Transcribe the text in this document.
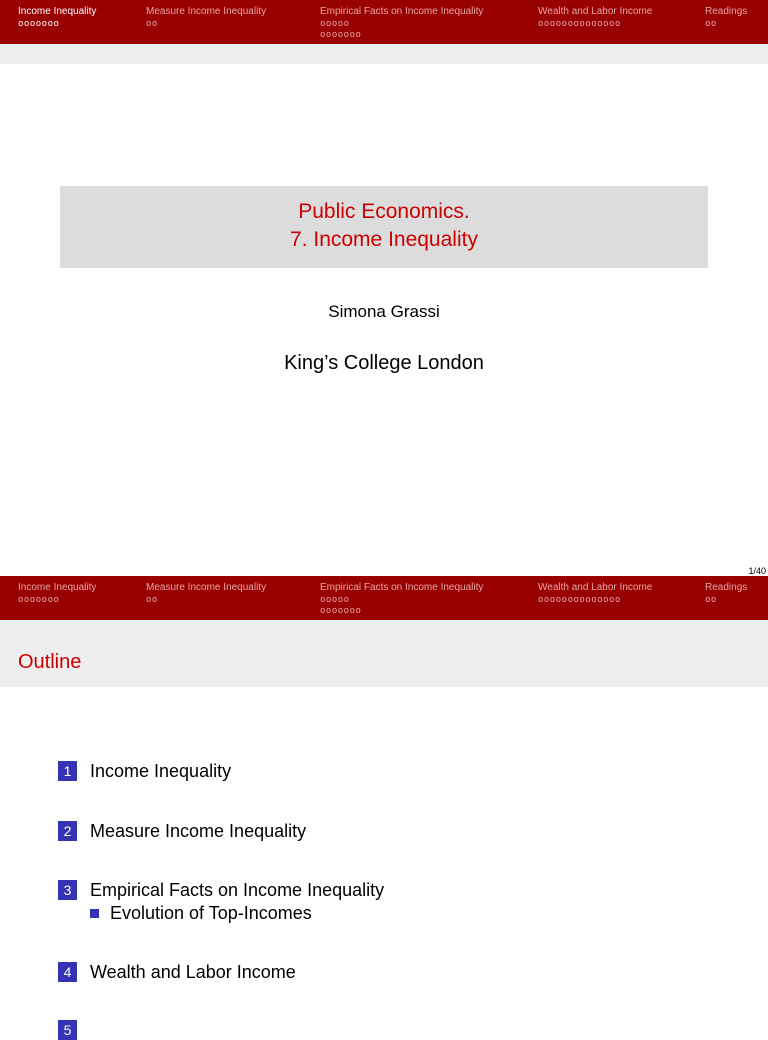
Income Inequality
ooooooo
Measure Income Inequality
oo
Empirical Facts on Income Inequality
ooooo
ooooooo
Wealth and Labor Income
oooooooooooooo
Readings
oo
Public Economics.
7. Income Inequality
Simona Grassi
King’s College London
1/40
Income Inequality
ooooooo
Measure Income Inequality
oo
Empirical Facts on Income Inequality
ooooo
ooooooo
Wealth and Labor Income
oooooooooooooo
Readings
oo
Outline
1	Income Inequality
2	Measure Income Inequality
3	Empirical Facts on Income Inequality
Evolution of Top-Incomes
4	Wealth and Labor Income
5
